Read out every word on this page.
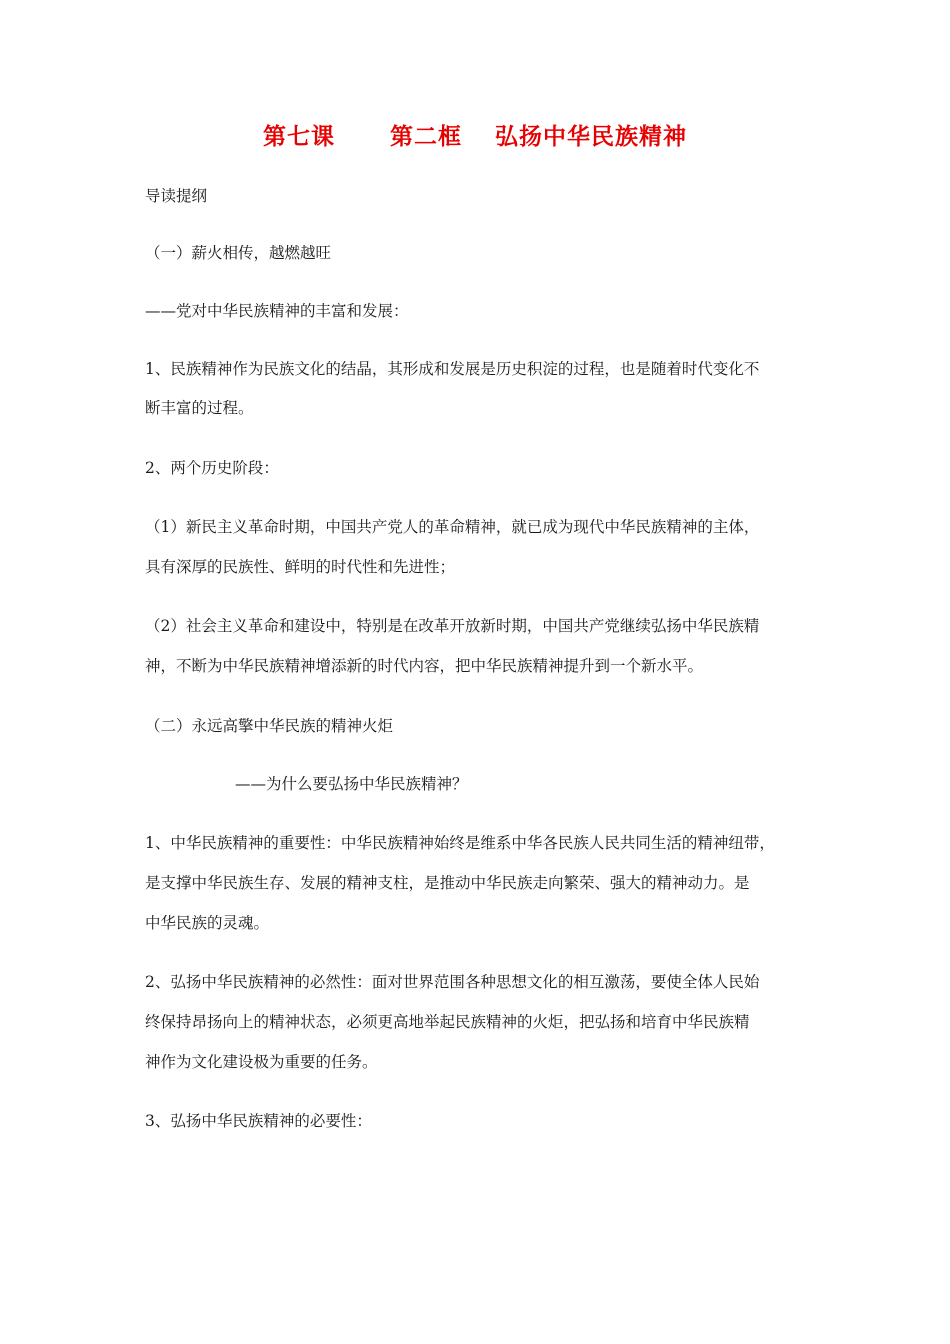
第七课 第二框 弘扬中华民族精神
导读提纲
（一）薪火相传，越燃越旺
——党对中华民族精神的丰富和发展：
1、民族精神作为民族文化的结晶，其形成和发展是历史积淀的过程，也是随着时代变化不
断丰富的过程。
2、两个历史阶段：
（1）新民主义革命时期，中国共产党人的革命精神，就已成为现代中华民族精神的主体，
具有深厚的民族性、鲜明的时代性和先进性；
（2）社会主义革命和建设中，特别是在改革开放新时期，中国共产党继续弘扬中华民族精
神，不断为中华民族精神增添新的时代内容，把中华民族精神提升到一个新水平。
（二）永远高擎中华民族的精神火炬
——为什么要弘扬中华民族精神？
1、中华民族精神的重要性：中华民族精神始终是维系中华各民族人民共同生活的精神纽带，
是支撑中华民族生存、发展的精神支柱，是推动中华民族走向繁荣、强大的精神动力。是
中华民族的灵魂。
2、弘扬中华民族精神的必然性：面对世界范围各种思想文化的相互激荡，要使全体人民始
终保持昂扬向上的精神状态，必须更高地举起民族精神的火炬，把弘扬和培育中华民族精
神作为文化建设极为重要的任务。
3、弘扬中华民族精神的必要性：
